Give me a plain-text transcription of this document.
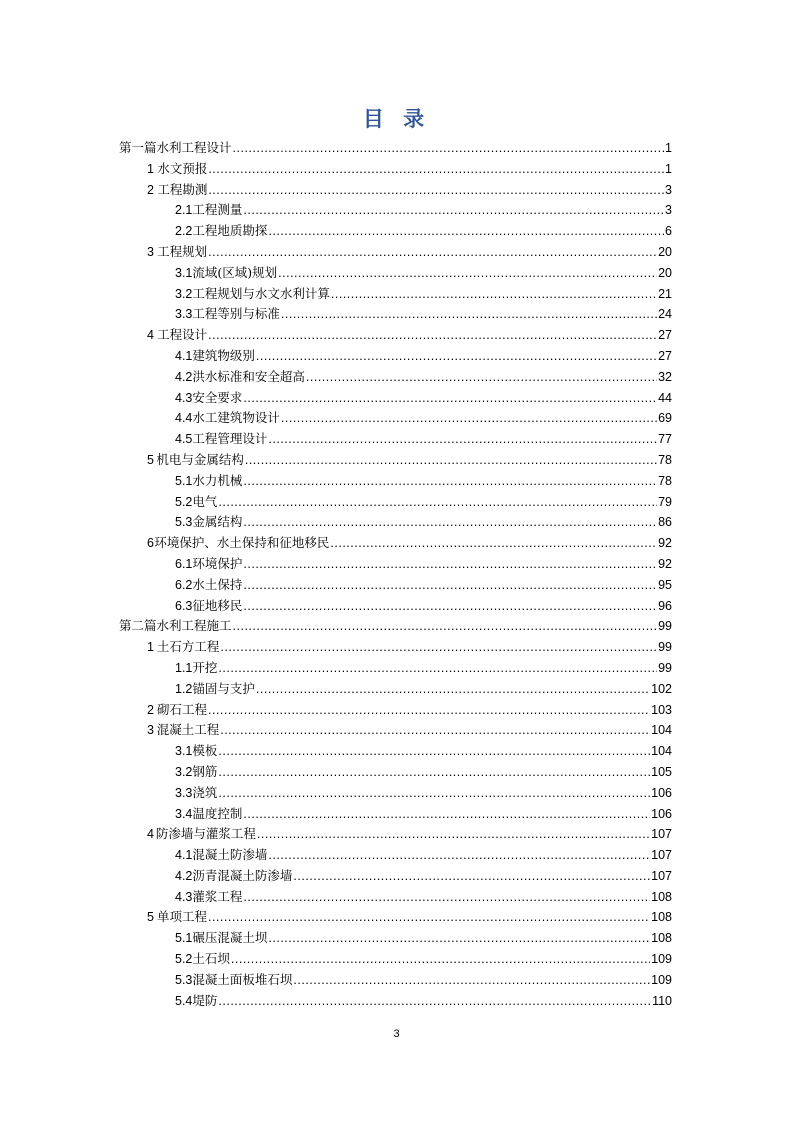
目 录
第一篇 水利工程设计 .....	1
1 水文预报 .....	1
2 工程勘测 .....	3
2.1 工程测量 .....	3
2.2 工程地质勘探 .....	6
3 工程规划 .....	20
3.1 流域(区域)规划 .....	20
3.2 工程规划与水文水利计算 .....	21
3.3 工程等别与标准 .....	24
4 工程设计 .....	27
4.1 建筑物级别 .....	27
4.2 洪水标准和安全超高 .....	32
4.3 安全要求 .....	44
4.4 水工建筑物设计 .....	69
4.5 工程管理设计 .....	77
5 机电与金属结构 .....	78
5.1 水力机械 .....	78
5.2 电气 .....	79
5.3 金属结构 .....	86
6 环境保护、水土保持和征地移民 .....	92
6.1 环境保护 .....	92
6.2 水土保持 .....	95
6.3 征地移民 .....	96
第二篇 水利工程施工 .....	99
1 土石方工程 .....	99
1.1 开挖 .....	99
1.2 锚固与支护 .....	102
2 砌石工程 .....	103
3 混凝土工程 .....	104
3.1 模板 .....	104
3.2 钢筋 .....	105
3.3 浇筑 .....	106
3.4 温度控制 .....	106
4 防渗墙与灌浆工程 .....	107
4.1 混凝土防渗墙 .....	107
4.2 沥青混凝土防渗墙 .....	107
4.3 灌浆工程 .....	108
5 单项工程 .....	108
5.1 碾压混凝土坝 .....	108
5.2 土石坝 .....	109
5.3 混凝土面板堆石坝 .....	109
5.4 堤防 .....	110
3
